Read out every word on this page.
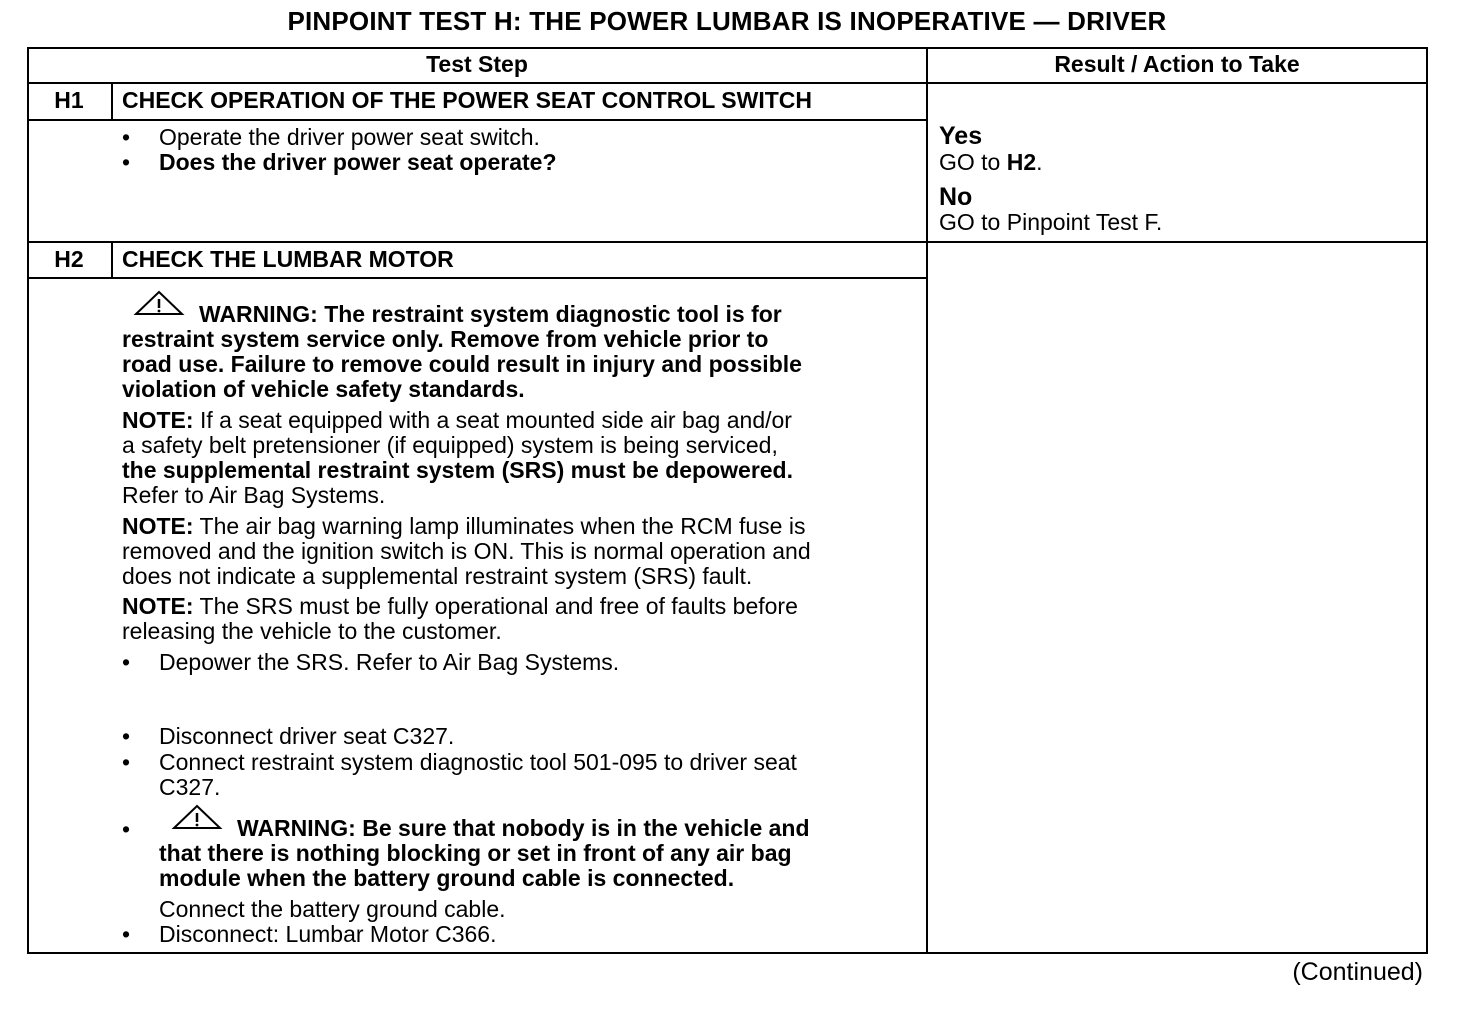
PINPOINT TEST H: THE POWER LUMBAR IS INOPERATIVE — DRIVER
Test Step	Result / Action to Take
H1	CHECK OPERATION OF THE POWER SEAT CONTROL SWITCH
• Operate the driver power seat switch.
• Does the driver power seat operate?
Yes
GO to H2.
No
GO to Pinpoint Test F.
H2	CHECK THE LUMBAR MOTOR
WARNING: The restraint system diagnostic tool is for
restraint system service only. Remove from vehicle prior to
road use. Failure to remove could result in injury and possible
violation of vehicle safety standards.
NOTE: If a seat equipped with a seat mounted side air bag and/or
a safety belt pretensioner (if equipped) system is being serviced,
the supplemental restraint system (SRS) must be depowered.
Refer to Air Bag Systems.
NOTE: The air bag warning lamp illuminates when the RCM fuse is
removed and the ignition switch is ON. This is normal operation and
does not indicate a supplemental restraint system (SRS) fault.
NOTE: The SRS must be fully operational and free of faults before
releasing the vehicle to the customer.
• Depower the SRS. Refer to Air Bag Systems.
• Disconnect driver seat C327.
• Connect restraint system diagnostic tool 501-095 to driver seat
C327.
•	WARNING: Be sure that nobody is in the vehicle and
that there is nothing blocking or set in front of any air bag
module when the battery ground cable is connected.
Connect the battery ground cable.
• Disconnect: Lumbar Motor C366.
(Continued)
